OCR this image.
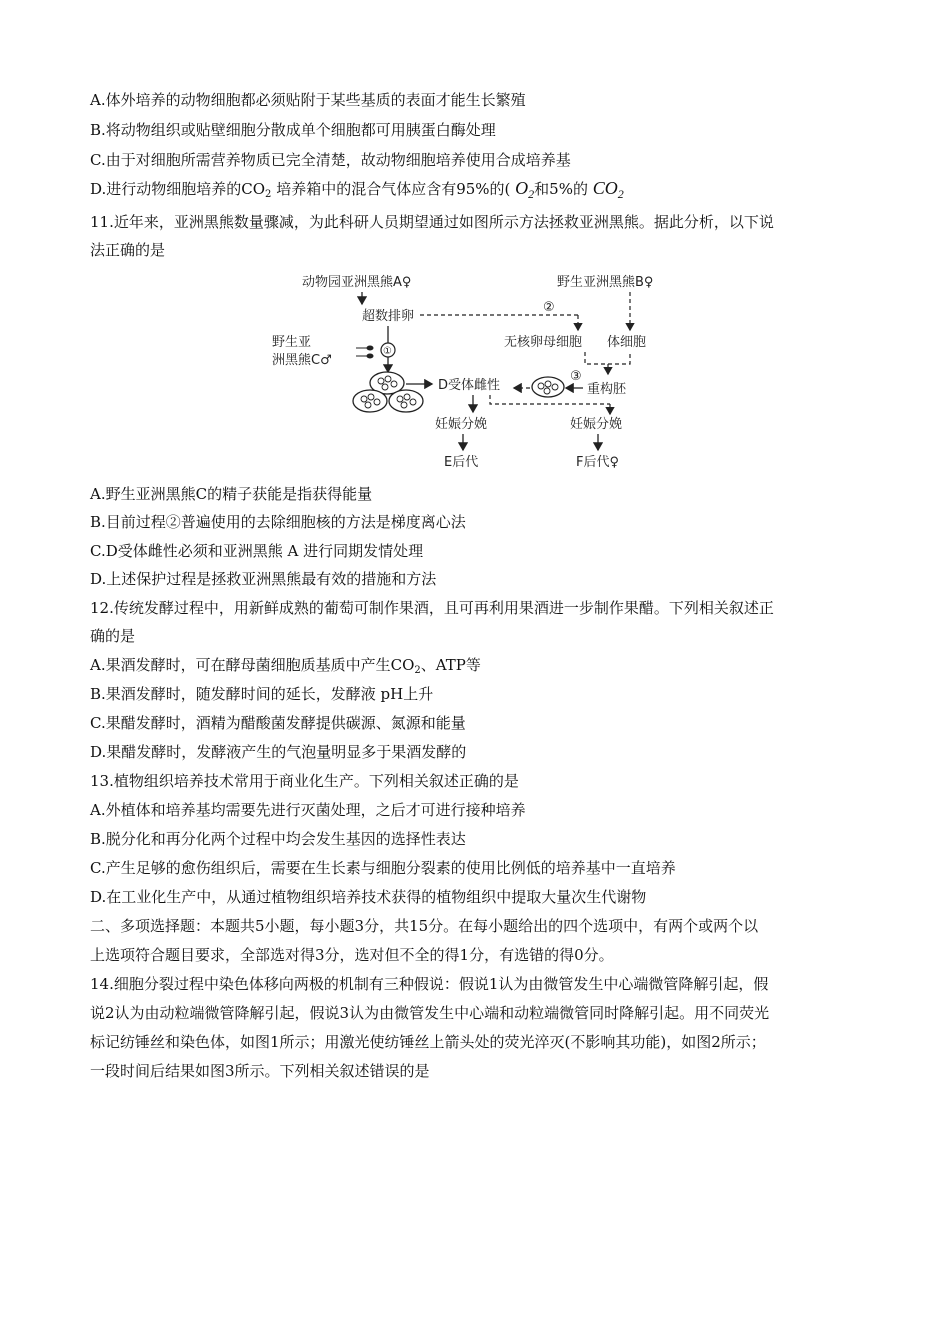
A.体外培养的动物细胞都必须贴附于某些基质的表面才能生长繁殖
B.将动物组织或贴壁细胞分散成单个细胞都可用胰蛋白酶处理
C.由于对细胞所需营养物质已完全清楚，故动物细胞培养使用合成培养基
D.进行动物细胞培养的$CO_2$ 培养箱中的混合气体应含有95%的( $O_2$和5%的 $CO_2$
11.近年来，亚洲黑熊数量骤减，为此科研人员期望通过如图所示方法拯救亚洲黑熊。据此分析，以下说
法正确的是
动物园亚洲黑熊A♀	野生亚洲黑熊B♀
超数排卵
②
无核卵母细胞 体细胞
③
重构胚
野生亚
洲黑熊C♂
①
D受体雌性
妊娠分娩	妊娠分娩
E后代	F后代♀
A.野生亚洲黑熊C的精子获能是指获得能量
B.目前过程②普遍使用的去除细胞核的方法是梯度离心法
C.D受体雌性必须和亚洲黑熊 A 进行同期发情处理
D.上述保护过程是拯救亚洲黑熊最有效的措施和方法
12.传统发酵过程中，用新鲜成熟的葡萄可制作果酒，且可再利用果酒进一步制作果醋。下列相关叙述正
确的是
A.果酒发酵时，可在酵母菌细胞质基质中产生$CO_2$、ATP等
B.果酒发酵时，随发酵时间的延长，发酵液 pH上升
C.果醋发酵时，酒精为醋酸菌发酵提供碳源、氮源和能量
D.果醋发酵时，发酵液产生的气泡量明显多于果酒发酵的
13.植物组织培养技术常用于商业化生产。下列相关叙述正确的是
A.外植体和培养基均需要先进行灭菌处理，之后才可进行接种培养
B.脱分化和再分化两个过程中均会发生基因的选择性表达
C.产生足够的愈伤组织后，需要在生长素与细胞分裂素的使用比例低的培养基中一直培养
D.在工业化生产中，从通过植物组织培养技术获得的植物组织中提取大量次生代谢物
二、多项选择题：本题共5小题，每小题3分，共15分。在每小题给出的四个选项中，有两个或两个以
上选项符合题目要求，全部选对得3分，选对但不全的得1分，有选错的得0分。
14.细胞分裂过程中染色体移向两极的机制有三种假说：假说1认为由微管发生中心端微管降解引起，假
说2认为由动粒端微管降解引起，假说3认为由微管发生中心端和动粒端微管同时降解引起。用不同荧光
标记纺锤丝和染色体，如图1所示；用激光使纺锤丝上箭头处的荧光淬灭(不影响其功能)，如图2所示；
一段时间后结果如图3所示。下列相关叙述错误的是
